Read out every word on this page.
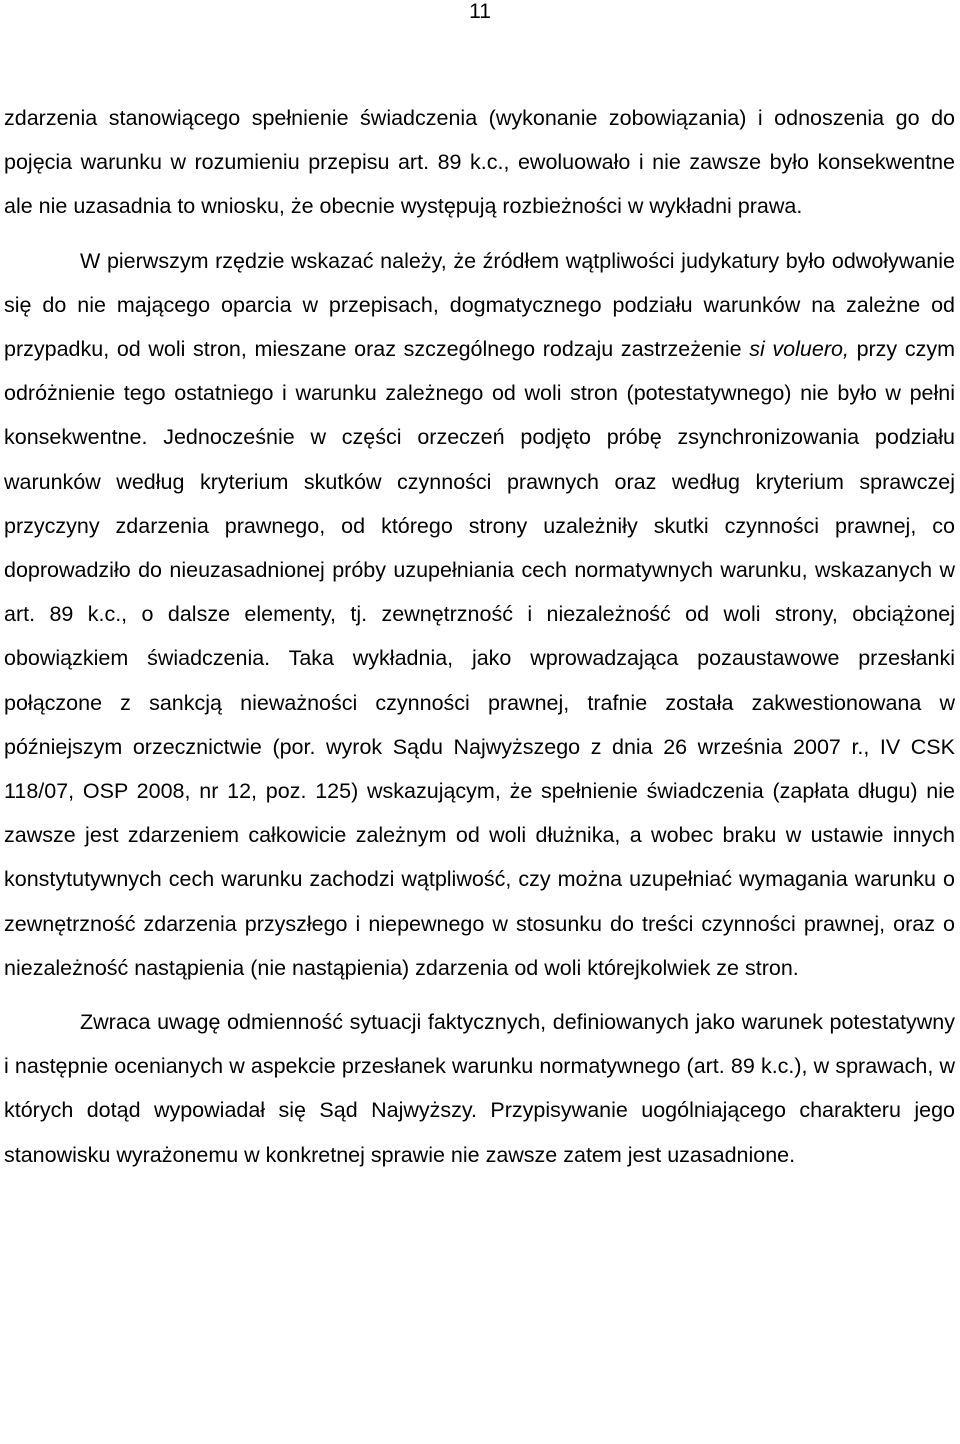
11

zdarzenia stanowiącego spełnienie świadczenia (wykonanie zobowiązania) i odnoszenia go do pojęcia warunku w rozumieniu przepisu art. 89 k.c., ewoluowało i nie zawsze było konsekwentne ale nie uzasadnia to wniosku, że obecnie występują rozbieżności w wykładni prawa.

W pierwszym rzędzie wskazać należy, że źródłem wątpliwości judykatury było odwoływanie się do nie mającego oparcia w przepisach, dogmatycznego podziału warunków na zależne od przypadku, od woli stron, mieszane oraz szczególnego rodzaju zastrzeżenie si voluero, przy czym odróżnienie tego ostatniego i warunku zależnego od woli stron (potestatywnego) nie było w pełni konsekwentne. Jednocześnie w części orzeczeń podjęto próbę zsynchronizowania podziału warunków według kryterium skutków czynności prawnych oraz według kryterium sprawczej przyczyny zdarzenia prawnego, od którego strony uzależniły skutki czynności prawnej, co doprowadziło do nieuzasadnionej próby uzupełniania cech normatywnych warunku, wskazanych w art. 89 k.c., o dalsze elementy, tj. zewnętrzność i niezależność od woli strony, obciążonej obowiązkiem świadczenia. Taka wykładnia, jako wprowadzająca pozaustawowe przesłanki połączone z sankcją nieważności czynności prawnej, trafnie została zakwestionowana w późniejszym orzecznictwie (por. wyrok Sądu Najwyższego z dnia 26 września 2007 r., IV CSK 118/07, OSP 2008, nr 12, poz. 125) wskazującym, że spełnienie świadczenia (zapłata długu) nie zawsze jest zdarzeniem całkowicie zależnym od woli dłużnika, a wobec braku w ustawie innych konstytutywnych cech warunku zachodzi wątpliwość, czy można uzupełniać wymagania warunku o zewnętrzność zdarzenia przyszłego i niepewnego w stosunku do treści czynności prawnej, oraz o niezależność nastąpienia (nie nastąpienia) zdarzenia od woli którejkolwiek ze stron.

Zwraca uwagę odmienność sytuacji faktycznych, definiowanych jako warunek potestatywny i następnie ocenianych w aspekcie przesłanek warunku normatywnego (art. 89 k.c.), w sprawach, w których dotąd wypowiadał się Sąd Najwyższy. Przypisywanie uogólniającego charakteru jego stanowisku wyrażonemu w konkretnej sprawie nie zawsze zatem jest uzasadnione.
